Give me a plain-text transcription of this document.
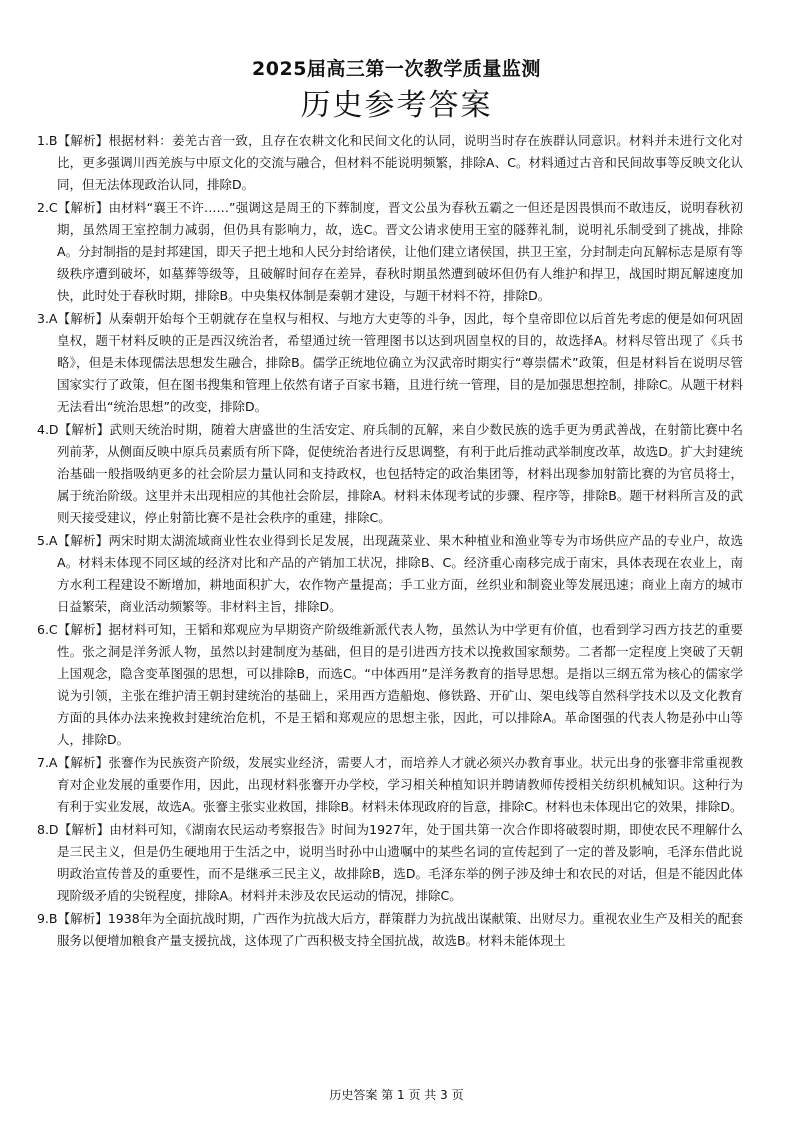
2025届高三第一次教学质量监测
历史参考答案
1.B【解析】根据材料：姜羌古音一致，且存在农耕文化和民间文化的认同，说明当时存在族群认同意识。材料并未进行文化对比，更多强调川西羌族与中原文化的交流与融合，但材料不能说明频繁，排除A、C。材料通过古音和民间故事等反映文化认同，但无法体现政治认同，排除D。
2.C【解析】由材料“襄王不许……”强调这是周王的下葬制度，晋文公虽为春秋五霸之一但还是因畏惧而不敢违反，说明春秋初期，虽然周王室控制力减弱，但仍具有影响力，故，选C。晋文公请求使用王室的隧葬礼制，说明礼乐制受到了挑战，排除A。分封制指的是封邦建国，即天子把土地和人民分封给诸侯，让他们建立诸侯国，拱卫王室，分封制走向瓦解标志是原有等级秩序遭到破坏，如墓葬等级等，且破解时间存在差异，春秋时期虽然遭到破坏但仍有人维护和捍卫，战国时期瓦解速度加快，此时处于春秋时期，排除B。中央集权体制是秦朝才建设，与题干材料不符，排除D。
3.A【解析】从秦朝开始每个王朝就存在皇权与相权、与地方大吏等的斗争，因此，每个皇帝即位以后首先考虑的便是如何巩固皇权，题干材料反映的正是西汉统治者，希望通过统一管理图书以达到巩固皇权的目的，故选择A。材料尽管出现了《兵书略》，但是未体现儒法思想发生融合，排除B。儒学正统地位确立为汉武帝时期实行“尊崇儒术”政策，但是材料旨在说明尽管国家实行了政策，但在图书搜集和管理上依然有诸子百家书籍，且进行统一管理，目的是加强思想控制，排除C。从题干材料无法看出“统治思想”的改变，排除D。
4.D【解析】武则天统治时期，随着大唐盛世的生活安定、府兵制的瓦解，来自少数民族的选手更为勇武善战，在射箭比赛中名列前茅，从侧面反映中原兵员素质有所下降，促使统治者进行反思调整，有利于此后推动武举制度改革，故选D。扩大封建统治基础一般指吸纳更多的社会阶层力量认同和支持政权，也包括特定的政治集团等，材料出现参加射箭比赛的为官员将士，属于统治阶级。这里并未出现相应的其他社会阶层，排除A。材料未体现考试的步骤、程序等，排除B。题干材料所言及的武则天接受建议，停止射箭比赛不是社会秩序的重建，排除C。
5.A【解析】两宋时期太湖流域商业性农业得到长足发展，出现蔬菜业、果木种植业和渔业等专为市场供应产品的专业户，故选A。材料未体现不同区域的经济对比和产品的产销加工状况，排除B、C。经济重心南移完成于南宋，具体表现在农业上，南方水利工程建设不断增加，耕地面积扩大，农作物产量提高；手工业方面，丝织业和制瓷业等发展迅速；商业上南方的城市日益繁荣，商业活动频繁等。非材料主旨，排除D。
6.C【解析】据材料可知，王韬和郑观应为早期资产阶级维新派代表人物，虽然认为中学更有价值，也看到学习西方技艺的重要性。张之洞是洋务派人物，虽然以封建制度为基础，但目的是引进西方技术以挽救国家颓势。二者都一定程度上突破了天朝上国观念，隐含变革图强的思想，可以排除B，而选C。“中体西用”是洋务教育的指导思想。是指以三纲五常为核心的儒家学说为引领，主张在维护清王朝封建统治的基础上，采用西方造船炮、修铁路、开矿山、架电线等自然科学技术以及文化教育方面的具体办法来挽救封建统治危机，不是王韬和郑观应的思想主张，因此，可以排除A。革命图强的代表人物是孙中山等人，排除D。
7.A【解析】张謇作为民族资产阶级，发展实业经济，需要人才，而培养人才就必须兴办教育事业。状元出身的张謇非常重视教育对企业发展的重要作用，因此，出现材料张謇开办学校，学习相关种植知识并聘请教师传授相关纺织机械知识。这种行为有利于实业发展，故选A。张謇主张实业救国，排除B。材料未体现政府的旨意，排除C。材料也未体现出它的效果，排除D。
8.D【解析】由材料可知，《湖南农民运动考察报告》时间为1927年，处于国共第一次合作即将破裂时期，即使农民不理解什么是三民主义，但是仍生硬地用于生活之中，说明当时孙中山遗嘱中的某些名词的宣传起到了一定的普及影响，毛泽东借此说明政治宣传普及的重要性，而不是继承三民主义，故排除B，选D。毛泽东举的例子涉及绅士和农民的对话，但是不能因此体现阶级矛盾的尖锐程度，排除A。材料并未涉及农民运动的情况，排除C。
9.B【解析】1938年为全面抗战时期，广西作为抗战大后方，群策群力为抗战出谋献策、出财尽力。重视农业生产及相关的配套服务以便增加粮食产量支援抗战，这体现了广西积极支持全国抗战，故选B。材料未能体现土
历史答案 第 1 页 共 3 页
